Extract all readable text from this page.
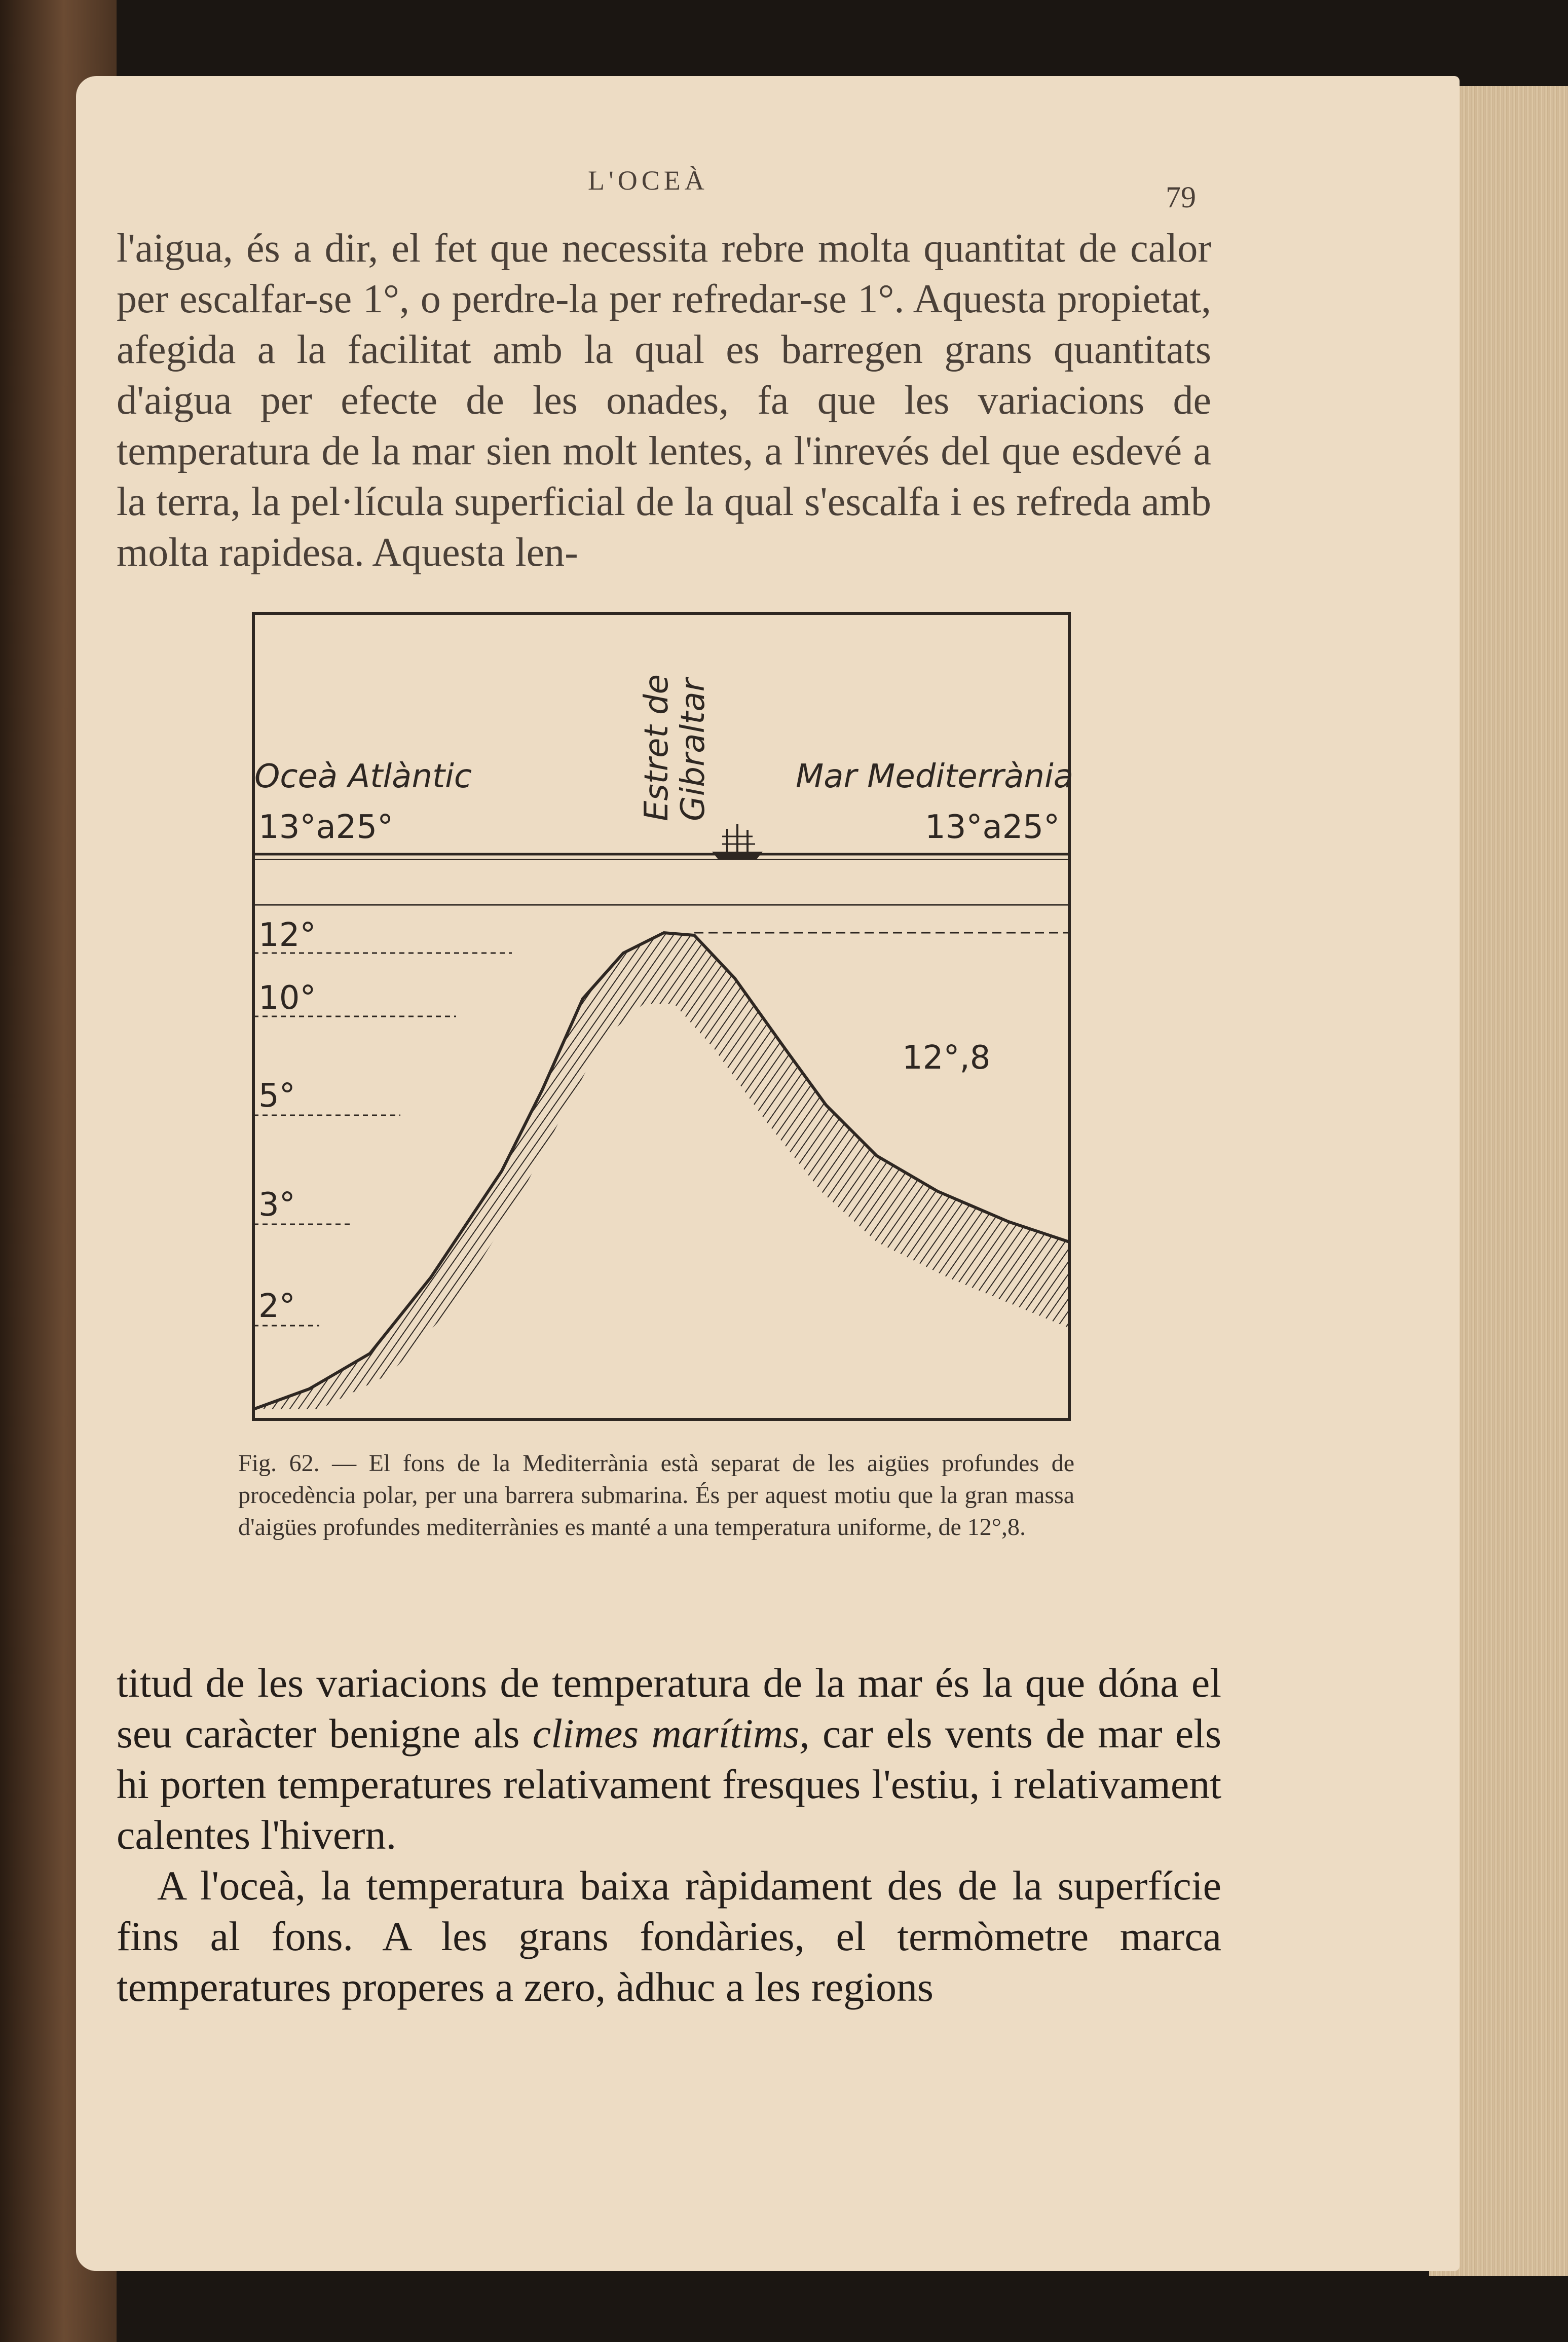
L'OCEÀ	79
l'aigua, és a dir, el fet que necessita rebre molta quantitat de calor per escalfar-se 1°, o perdre-la per refredar-se 1°. Aquesta propietat, afegida a la facilitat amb la qual es barregen grans quantitats d'aigua per efecte de les onades, fa que les variacions de temperatura de la mar sien molt lentes, a l'inrevés del que esdevé a la terra, la pel·lícula superficial de la qual s'escalfa i es refreda amb molta rapidesa. Aquesta len-
Oceà Atlàntic	Mar Mediterrània
Estret de
Gibraltar
13°a25°	13°a25°
12°
10°
5°
3°
2°
12°,8
Fig. 62. — El fons de la Mediterrània està separat de les aigües profundes de procedència polar, per una barrera submarina. És per aquest motiu que la gran massa d'aigües profundes mediterrànies es manté a una temperatura uniforme, de 12°,8.

titud de les variacions de temperatura de la mar és la que dóna el seu caràcter benigne als climes marítims, car els vents de mar els hi porten temperatures relativament fresques l'estiu, i relativament calentes l'hivern.

A l'oceà, la temperatura baixa ràpidament des de la superfície fins al fons. A les grans fondàries, el termòmetre marca temperatures properes a zero, àdhuc a les regions
